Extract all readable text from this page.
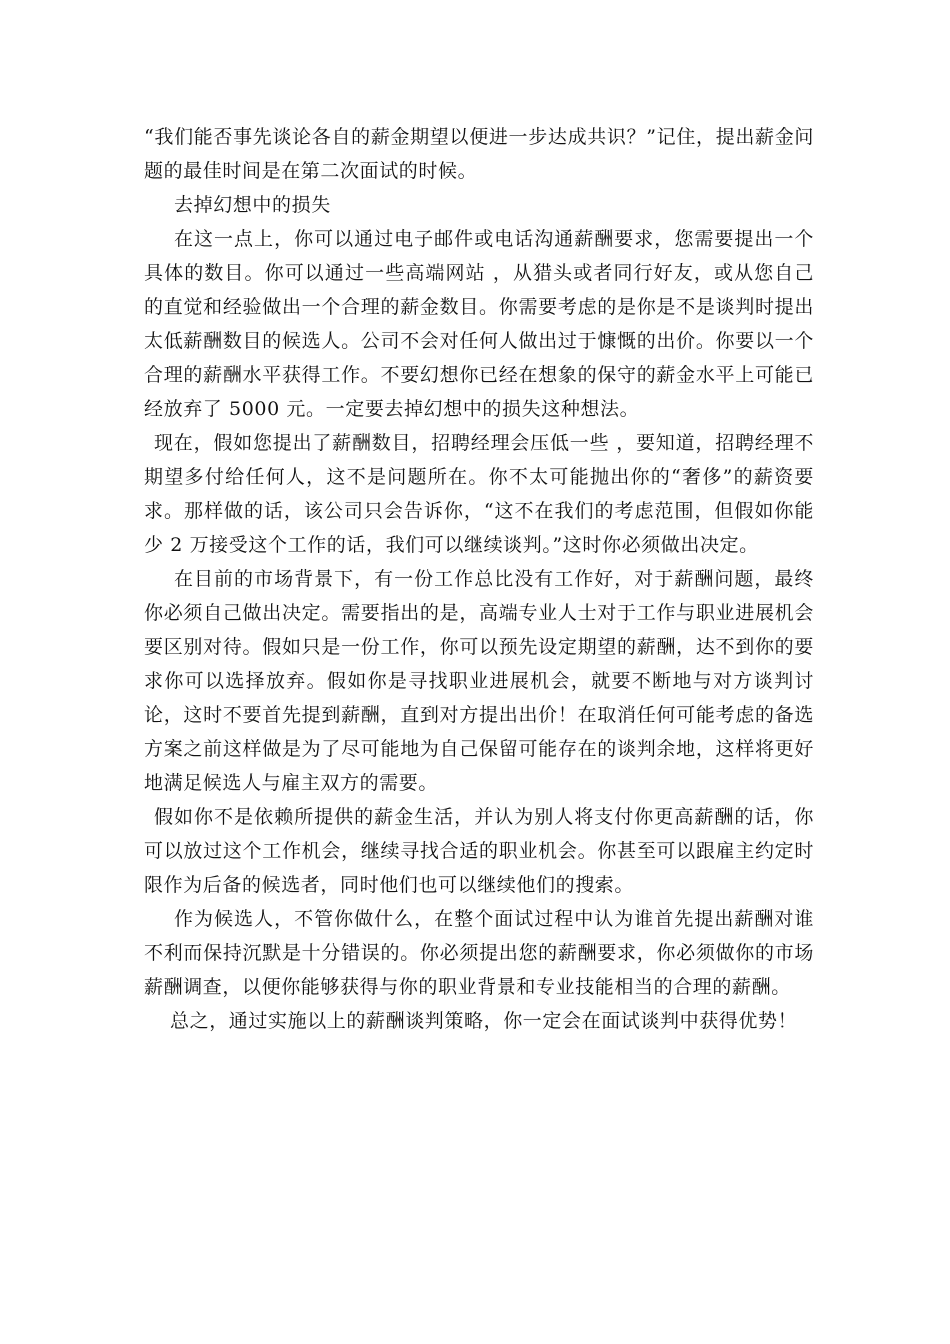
“我们能否事先谈论各自的薪金期望以便进一步达成共识？”记住，提出薪金问题的最佳时间是在第二次面试的时候。

去掉幻想中的损失

在这一点上，你可以通过电子邮件或电话沟通薪酬要求，您需要提出一个具体的数目。你可以通过一些高端网站 ，从猎头或者同行好友，或从您自己的直觉和经验做出一个合理的薪金数目。你需要考虑的是你是不是谈判时提出太低薪酬数目的候选人。公司不会对任何人做出过于慷慨的出价。你要以一个合理的薪酬水平获得工作。不要幻想你已经在想象的保守的薪金水平上可能已经放弃了 5000 元。一定要去掉幻想中的损失这种想法。

现在，假如您提出了薪酬数目，招聘经理会压低一些 ，要知道，招聘经理不期望多付给任何人，这不是问题所在。你不太可能抛出你的“奢侈”的薪资要求。那样做的话，该公司只会告诉你，“这不在我们的考虑范围，但假如你能少 2 万接受这个工作的话，我们可以继续谈判。”这时你必须做出决定。

在目前的市场背景下，有一份工作总比没有工作好，对于薪酬问题，最终你必须自己做出决定。需要指出的是，高端专业人士对于工作与职业进展机会要区别对待。假如只是一份工作，你可以预先设定期望的薪酬，达不到你的要求你可以选择放弃。假如你是寻找职业进展机会，就要不断地与对方谈判讨论，这时不要首先提到薪酬，直到对方提出出价！在取消任何可能考虑的备选方案之前这样做是为了尽可能地为自己保留可能存在的谈判余地，这样将更好地满足候选人与雇主双方的需要。

假如你不是依赖所提供的薪金生活，并认为别人将支付你更高薪酬的话，你可以放过这个工作机会，继续寻找合适的职业机会。你甚至可以跟雇主约定时限作为后备的候选者，同时他们也可以继续他们的搜索。

作为候选人，不管你做什么，在整个面试过程中认为谁首先提出薪酬对谁不利而保持沉默是十分错误的。你必须提出您的薪酬要求，你必须做你的市场薪酬调查，以便你能够获得与你的职业背景和专业技能相当的合理的薪酬。

总之，通过实施以上的薪酬谈判策略，你一定会在面试谈判中获得优势！
